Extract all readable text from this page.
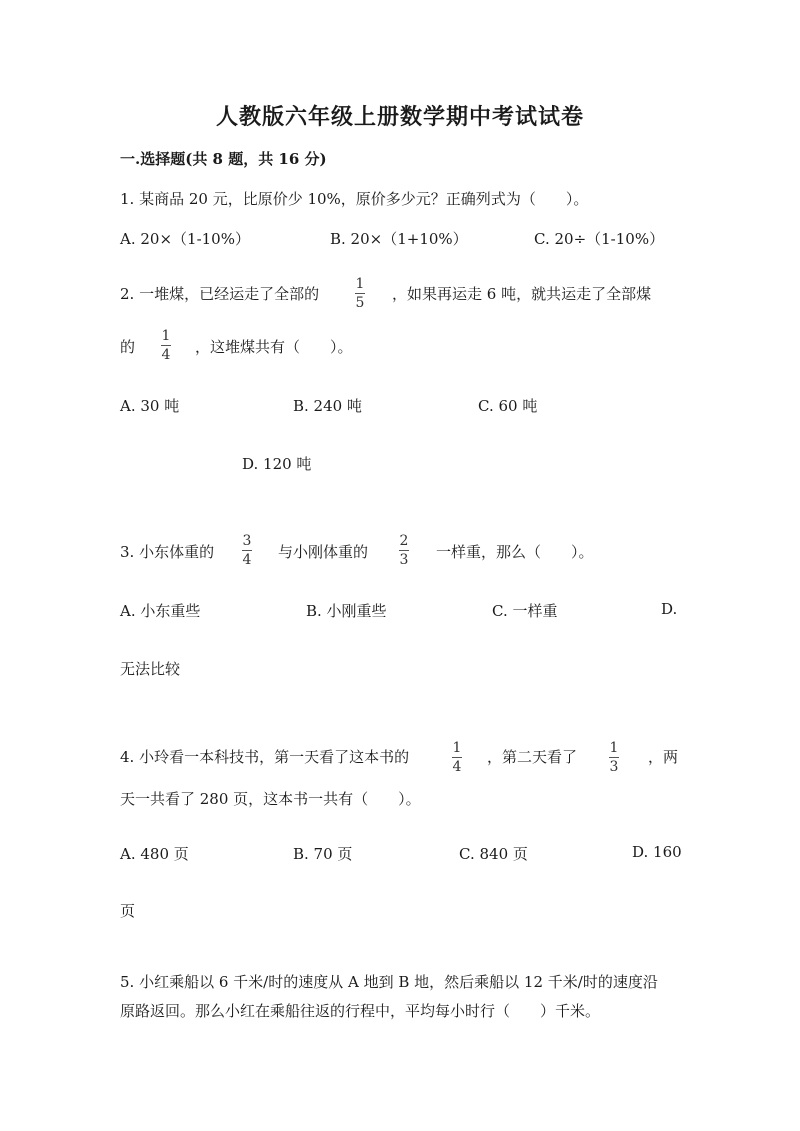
人教版六年级上册数学期中考试试卷
一.选择题(共 8 题，共 16 分)
1. 某商品 20 元，比原价少 10%，原价多少元？正确列式为（　　）。
A. 20×（1-10%）	B. 20×（1+10%）	C. 20÷（1-10%）
2. 一堆煤，已经运走了全部的
1
5 ，如果再运走 6 吨，就共运走了全部煤
的
1
4 ，这堆煤共有（　　）。
A. 30 吨	B. 240 吨	C. 60 吨
D. 120 吨
3. 小东体重的
3
4 与小刚体重的
2
3 一样重，那么（　　）。
A. 小东重些	B. 小刚重些	C. 一样重	D.
无法比较
4. 小玲看一本科技书，第一天看了这本书的	1
4
，第二天看了 1
3
，两
天一共看了 280 页，这本书一共有（　　）。
A. 480 页	B. 70 页	C. 840 页	D. 160
页
5. 小红乘船以 6 千米/时的速度从 A 地到 B 地，然后乘船以 12 千米/时的速度沿
原路返回。那么小红在乘船往返的行程中，平均每小时行（　　）千米。
